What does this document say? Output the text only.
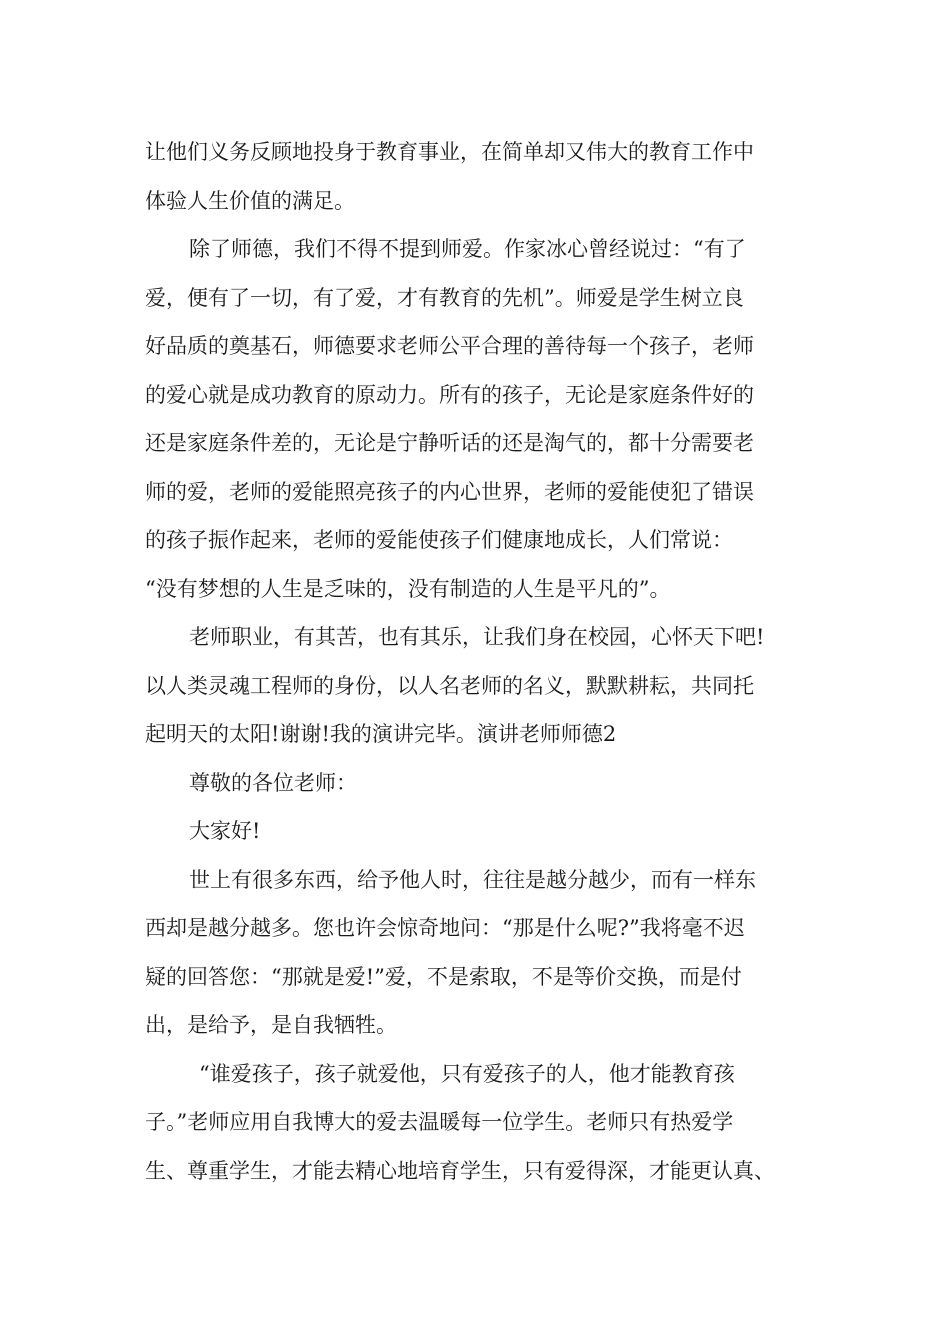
让他们义务反顾地投身于教育事业，在简单却又伟大的教育工作中
体验人生价值的满足。
除了师德，我们不得不提到师爱。作家冰心曾经说过：“有了
爱，便有了一切，有了爱，才有教育的先机”。师爱是学生树立良
好品质的奠基石，师德要求老师公平合理的善待每一个孩子，老师
的爱心就是成功教育的原动力。所有的孩子，无论是家庭条件好的
还是家庭条件差的，无论是宁静听话的还是淘气的，都十分需要老
师的爱，老师的爱能照亮孩子的内心世界，老师的爱能使犯了错误
的孩子振作起来，老师的爱能使孩子们健康地成长，人们常说：
“没有梦想的人生是乏味的，没有制造的人生是平凡的”。
老师职业，有其苦，也有其乐，让我们身在校园，心怀天下吧!
以人类灵魂工程师的身份，以人名老师的名义，默默耕耘，共同托
起明天的太阳!谢谢!我的演讲完毕。演讲老师师德2
尊敬的各位老师：
大家好!
世上有很多东西，给予他人时，往往是越分越少，而有一样东
西却是越分越多。您也许会惊奇地问：“那是什么呢?”我将毫不迟
疑的回答您：“那就是爱!”爱，不是索取，不是等价交换，而是付
出，是给予，是自我牺牲。
“谁爱孩子，孩子就爱他，只有爱孩子的人，他才能教育孩
子。”老师应用自我博大的爱去温暖每一位学生。老师只有热爱学
生、尊重学生，才能去精心地培育学生，只有爱得深，才能更认真、
